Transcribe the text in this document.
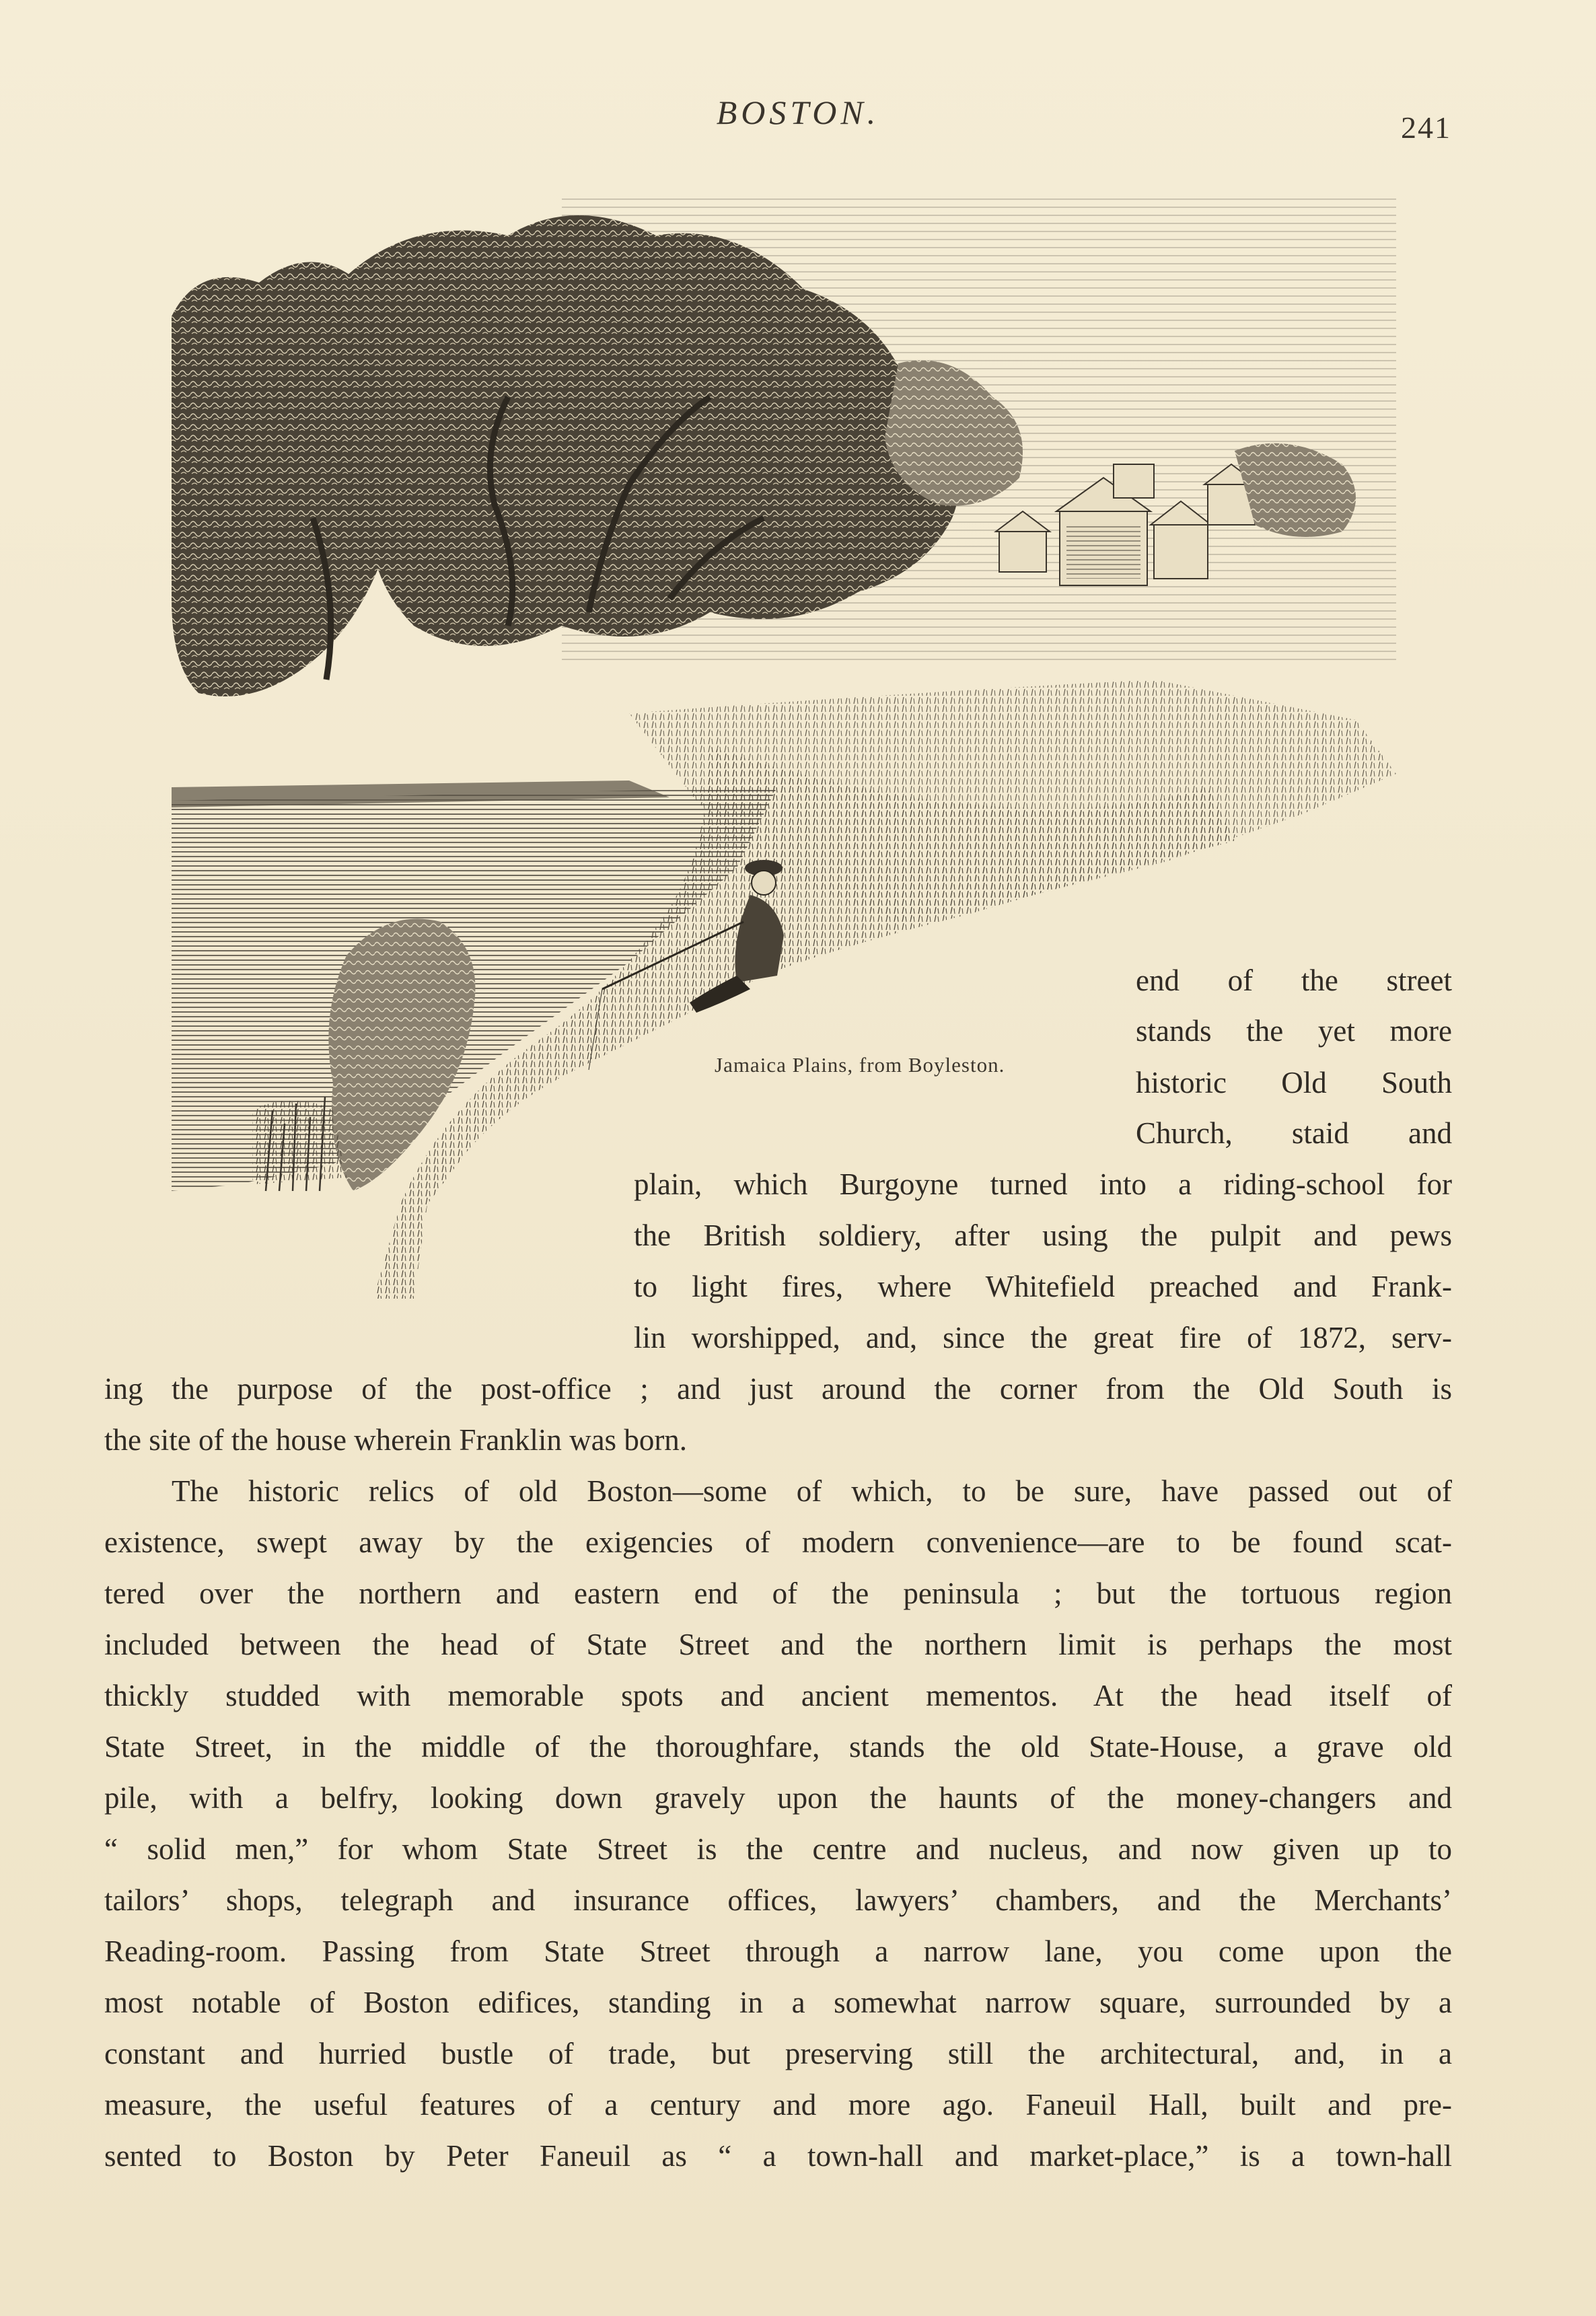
BOSTON.	241
Jamaica Plains, from Boyleston.
end of the street
stands the yet more
historic Old South
Church, staid and
plain, which Burgoyne turned into a riding-school for
the British soldiery, after using the pulpit and pews
to light fires, where Whitefield preached and Frank-
lin worshipped, and, since the great fire of 1872, serv-
ing the purpose of the post-office ; and just around the corner from the Old South is
the site of the house wherein Franklin was born.
The historic relics of old Boston—some of which, to be sure, have passed out of
existence, swept away by the exigencies of modern convenience—are to be found scat-
tered over the northern and eastern end of the peninsula ; but the tortuous region
included between the head of State Street and the northern limit is perhaps the most
thickly studded with memorable spots and ancient mementos. At the head itself of
State Street, in the middle of the thoroughfare, stands the old State-House, a grave old
pile, with a belfry, looking down gravely upon the haunts of the money-changers and
“ solid men,” for whom State Street is the centre and nucleus, and now given up to
tailors’ shops, telegraph and insurance offices, lawyers’ chambers, and the Merchants’
Reading-room. Passing from State Street through a narrow lane, you come upon the
most notable of Boston edifices, standing in a somewhat narrow square, surrounded by a
constant and hurried bustle of trade, but preserving still the architectural, and, in a
measure, the useful features of a century and more ago. Faneuil Hall, built and pre-
sented to Boston by Peter Faneuil as “ a town-hall and market-place,” is a town-hall
